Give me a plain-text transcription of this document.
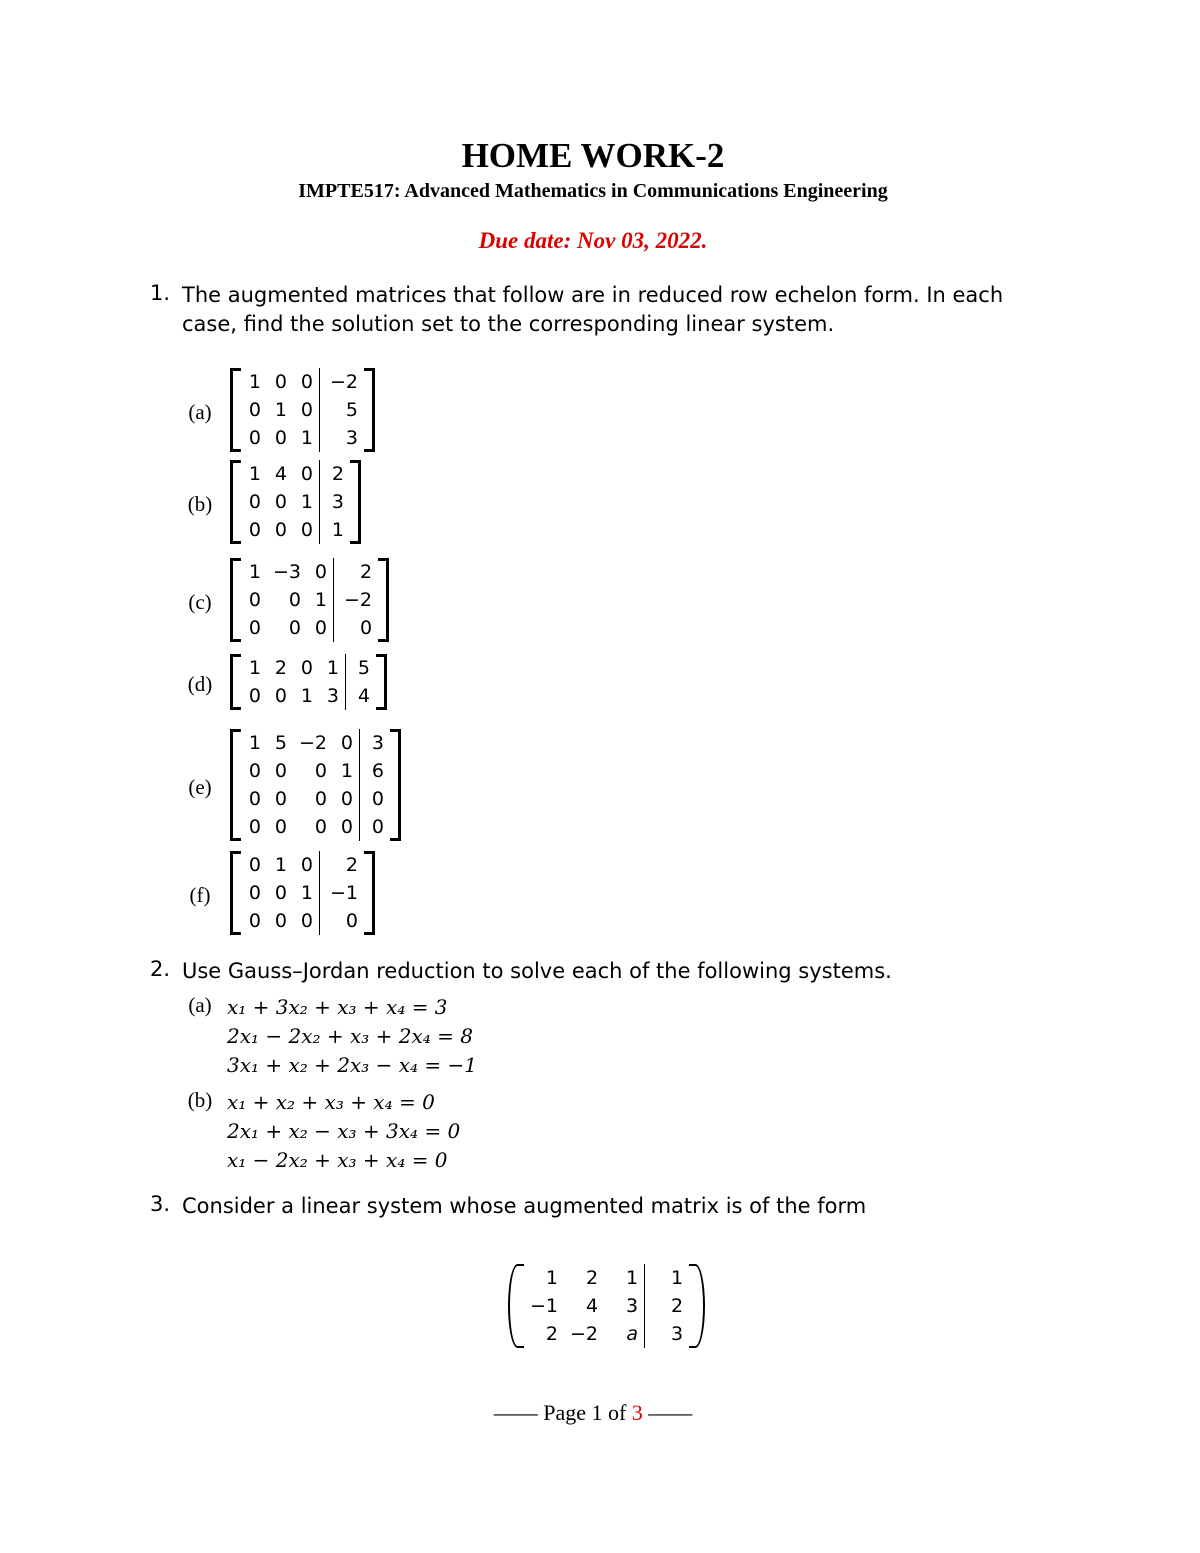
HOME WORK-2
IMPTE517: Advanced Mathematics in Communications Engineering
Due date: Nov 03, 2022.
1. The augmented matrices that follow are in reduced row echelon form. In each case, find the solution set to the corresponding linear system.
(a)
1	0	0	−2
0	1	0	5
0	0	1	3
(b)
1	4	0	2
0	0	1	3
0	0	0	1
(c)
1	−3	0	2
0	0	1	−2
0	0	0	0
(d)
1	2	0	1	5
0	0	1	3	4
(e)
1	5	−2	0	3
0	0	0	1	6
0	0	0	0	0
0	0	0	0	0
(f)
0	1	0	2
0	0	1	−1
0	0	0	0
2. Use Gauss–Jordan reduction to solve each of the following systems.
(a) x₁ + 3x₂ + x₃ + x₄ = 3
2x₁ − 2x₂ + x₃ + 2x₄ = 8
3x₁ + x₂ + 2x₃ − x₄ = −1
(b) x₁ + x₂ + x₃ + x₄ = 0
2x₁ + x₂ − x₃ + 3x₄ = 0
x₁ − 2x₂ + x₃ + x₄ = 0
3. Consider a linear system whose augmented matrix is of the form
1	2	1	1
−1	4	3	2
2	−2	a	3
—— Page 1 of 3 ——
